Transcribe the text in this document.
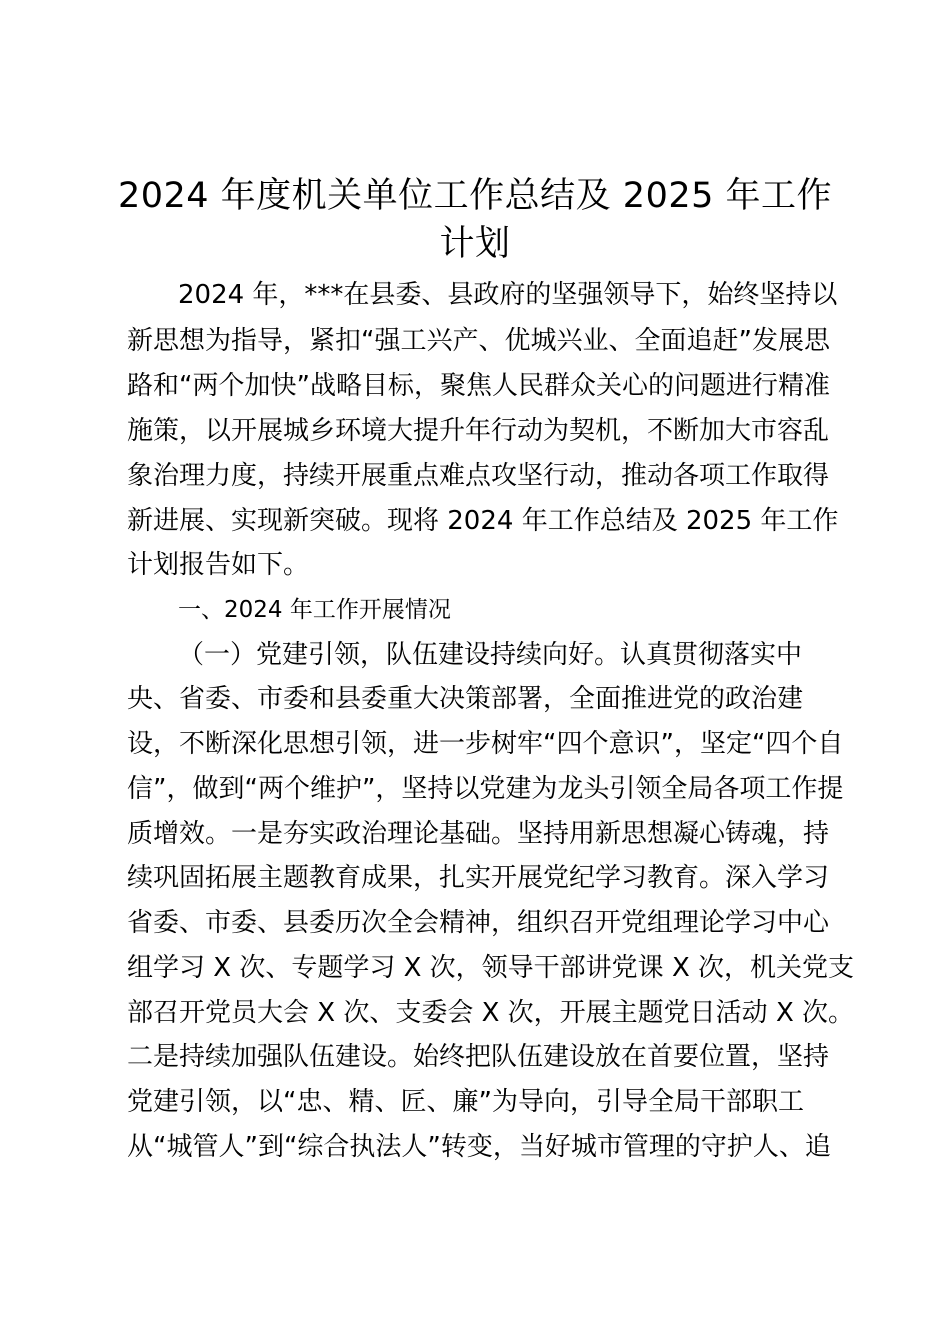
2024 年度机关单位工作总结及 2025 年工作
计划
2024 年，***在县委、县政府的坚强领导下，始终坚持以
新思想为指导，紧扣“强工兴产、优城兴业、全面追赶”发展思
路和“两个加快”战略目标，聚焦人民群众关心的问题进行精准
施策，以开展城乡环境大提升年行动为契机，不断加大市容乱
象治理力度，持续开展重点难点攻坚行动，推动各项工作取得
新进展、实现新突破。现将 2024 年工作总结及 2025 年工作
计划报告如下。
一、2024 年工作开展情况
（一）党建引领，队伍建设持续向好。认真贯彻落实中
央、省委、市委和县委重大决策部署，全面推进党的政治建
设，不断深化思想引领，进一步树牢“四个意识”，坚定“四个自
信”，做到“两个维护”，坚持以党建为龙头引领全局各项工作提
质增效。一是夯实政治理论基础。坚持用新思想凝心铸魂，持
续巩固拓展主题教育成果，扎实开展党纪学习教育。深入学习
省委、市委、县委历次全会精神，组织召开党组理论学习中心
组学习 X 次、专题学习 X 次，领导干部讲党课 X 次，机关党支
部召开党员大会 X 次、支委会 X 次，开展主题党日活动 X 次。
二是持续加强队伍建设。始终把队伍建设放在首要位置，坚持
党建引领，以“忠、精、匠、廉”为导向，引导全局干部职工
从“城管人”到“综合执法人”转变，当好城市管理的守护人、追
